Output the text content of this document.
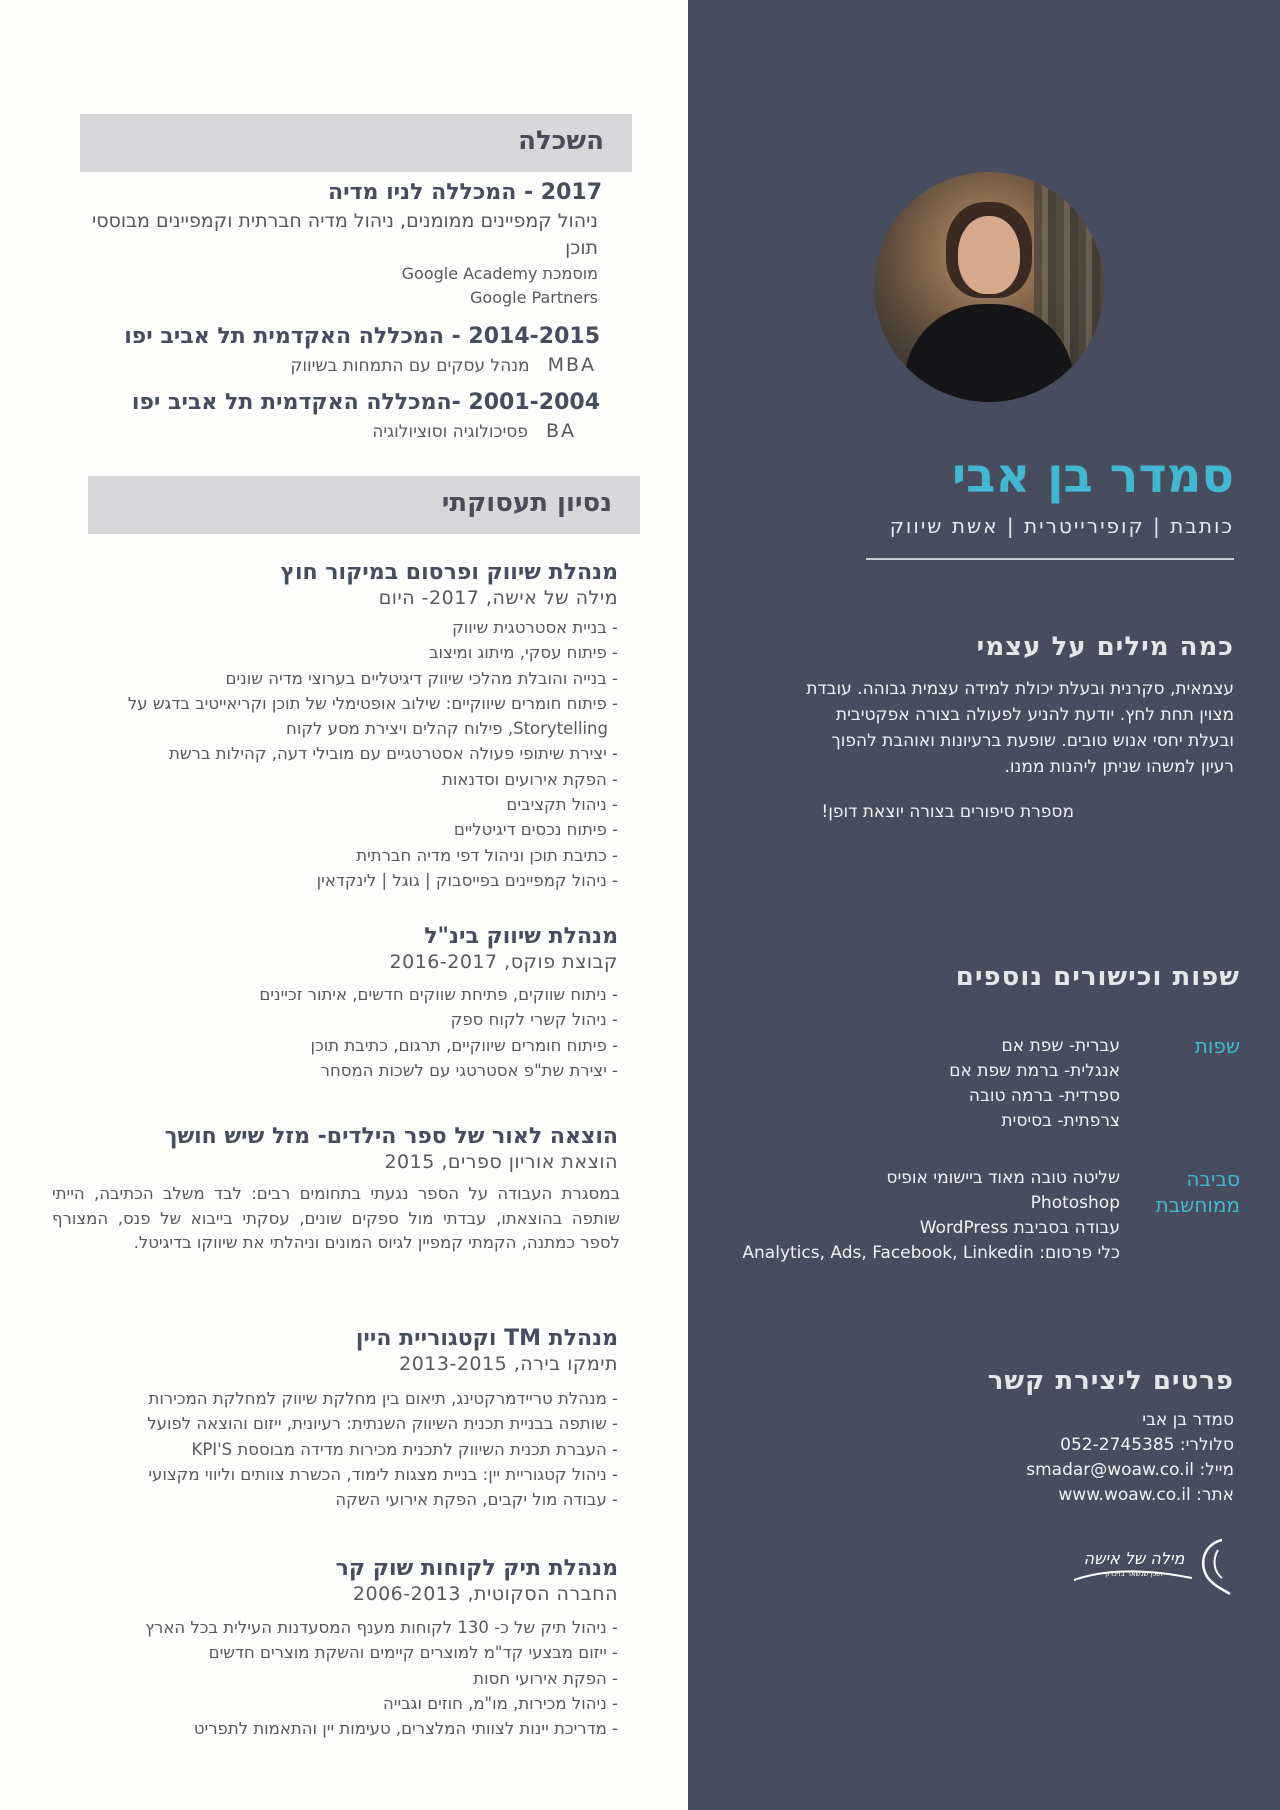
סמדר בן אבי
כותבת | קופירייטרית | אשת שיווק
כמה מילים על עצמי
עצמאית, סקרנית ובעלת יכולת למידה עצמית גבוהה. עובדת מצוין תחת לחץ. יודעת להניע לפעולה בצורה אפקטיבית ובעלת יחסי אנוש טובים. שופעת ברעיונות ואוהבת להפוך רעיון למשהו שניתן ליהנות ממנו.
מספרת סיפורים בצורה יוצאת דופן!
שפות וכישורים נוספים
שפות
עברית- שפת אם
אנגלית- ברמת שפת אם
ספרדית- ברמה טובה
צרפתית- בסיסית
סביבה
ממוחשבת
שליטה טובה מאוד ביישומי אופיס
Photoshop
עבודה בסביבת WordPress
כלי פרסום: Analytics, Ads, Facebook, Linkedin
פרטים ליצירת קשר
סמדר בן אבי
סלולרי: 052-2745385
מייל: smadar@woaw.co.il
אתר: www.woaw.co.il
מילה של אישה
תוכן שנשאר בזיכרון
השכלה
2017 - המכללה לניו מדיה
ניהול קמפיינים ממומנים, ניהול מדיה חברתית וקמפיינים מבוססי תוכן
מוסמכת Google Academy
Google Partners
2014-2015 - המכללה האקדמית תל אביב יפו
MBAמנהל עסקים עם התמחות בשיווק
2001-2004 -המכללה האקדמית תל אביב יפו
BAפסיכולוגיה וסוציולוגיה
נסיון תעסוקתי
מנהלת שיווק ופרסום במיקור חוץ
מילה של אישה, 2017- היום
- בניית אסטרטגית שיווק
- פיתוח עסקי, מיתוג ומיצוב
- בנייה והובלת מהלכי שיווק דיגיטליים בערוצי מדיה שונים
- פיתוח חומרים שיווקיים: שילוב אופטימלי של תוכן וקריאייטיב בדגש על
Storytelling, פילוח קהלים ויצירת מסע לקוח
- יצירת שיתופי פעולה אסטרטגיים עם מובילי דעה, קהילות ברשת
- הפקת אירועים וסדנאות
- ניהול תקציבים
- פיתוח נכסים דיגיטליים
- כתיבת תוכן וניהול דפי מדיה חברתית
- ניהול קמפיינים בפייסבוק | גוגל | לינקדאין
מנהלת שיווק בינ"ל
קבוצת פוקס, 2016-2017
- ניתוח שווקים, פתיחת שווקים חדשים, איתור זכיינים
- ניהול קשרי לקוח ספק
- פיתוח חומרים שיווקיים, תרגום, כתיבת תוכן
- יצירת שת"פ אסטרטגי עם לשכות המסחר
הוצאה לאור של ספר הילדים- מזל שיש חושך
הוצאת אוריון ספרים, 2015
במסגרת העבודה על הספר נגעתי בתחומים רבים: לבד משלב הכתיבה, הייתי שותפה בהוצאתו, עבדתי מול ספקים שונים, עסקתי בייבוא של פנס, המצורף לספר כמתנה, הקמתי קמפיין לגיוס המונים וניהלתי את שיווקו בדיגיטל.
מנהלת TM וקטגוריית היין
תימקו בירה, 2013-2015
- מנהלת טריידמרקטינג, תיאום בין מחלקת שיווק למחלקת המכירות
- שותפה בבניית תכנית השיווק השנתית: רעיונית, ייזום והוצאה לפועל
- העברת תכנית השיווק לתכנית מכירות מדידה מבוססת KPI'S
- ניהול קטגוריית יין: בניית מצגות לימוד, הכשרת צוותים וליווי מקצועי
- עבודה מול יקבים, הפקת אירועי השקה
מנהלת תיק לקוחות שוק קר
החברה הסקוטית, 2006-2013
- ניהול תיק של כ- 130 לקוחות מענף המסעדנות העילית בכל הארץ
- ייזום מבצעי קד"מ למוצרים קיימים והשקת מוצרים חדשים
- הפקת אירועי חסות
- ניהול מכירות, מו"מ, חוזים וגבייה
- מדריכת יינות לצוותי המלצרים, טעימות יין והתאמות לתפריט
